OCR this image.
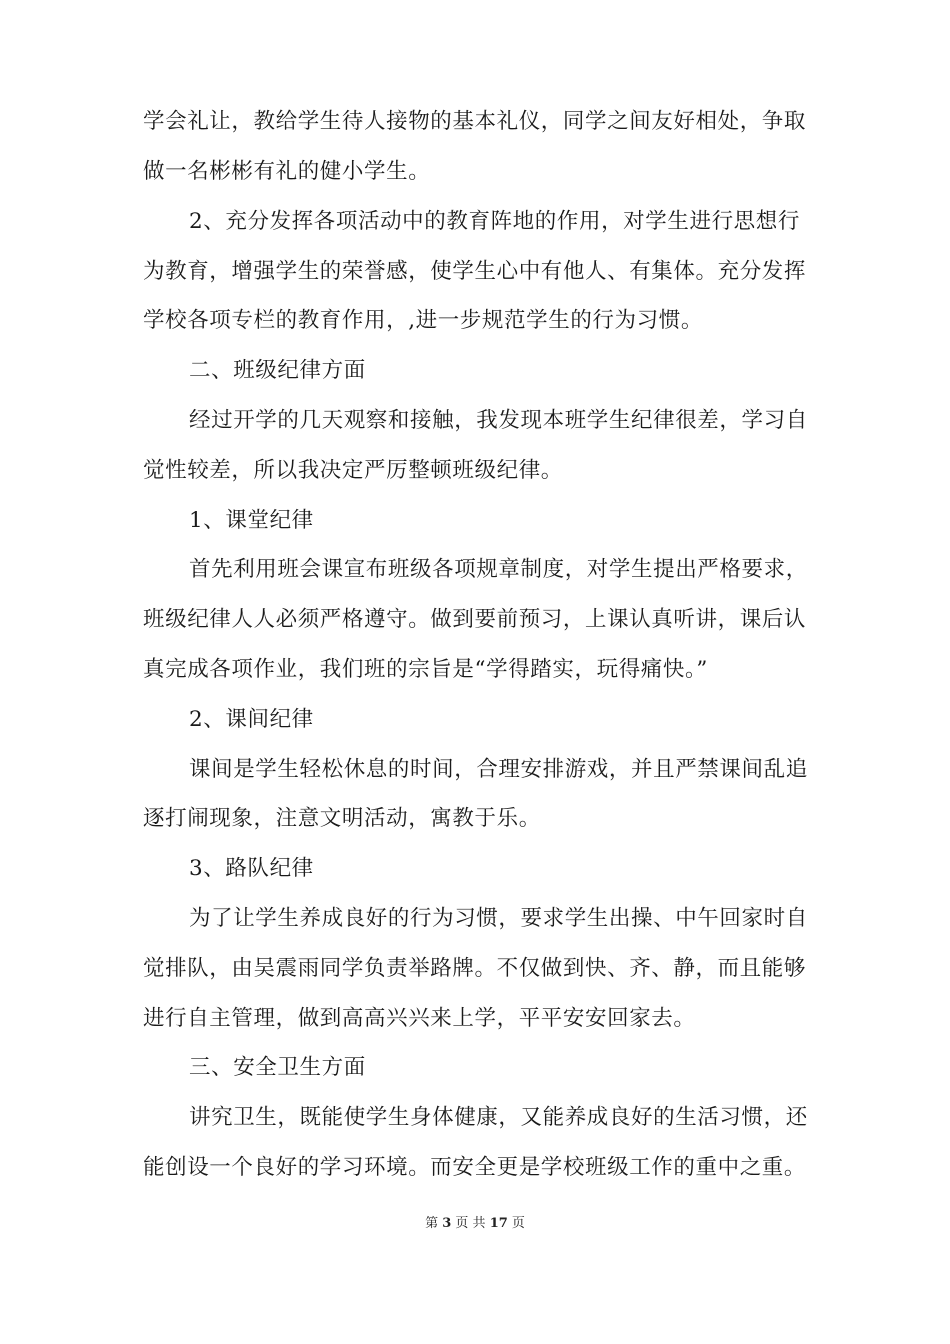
学会礼让，教给学生待人接物的基本礼仪，同学之间友好相处，争取
做一名彬彬有礼的健小学生。
2、充分发挥各项活动中的教育阵地的作用，对学生进行思想行
为教育，增强学生的荣誉感，使学生心中有他人、有集体。充分发挥
学校各项专栏的教育作用，,进一步规范学生的行为习惯。
二、班级纪律方面
经过开学的几天观察和接触，我发现本班学生纪律很差，学习自
觉性较差，所以我决定严厉整顿班级纪律。
1、课堂纪律
首先利用班会课宣布班级各项规章制度，对学生提出严格要求，
班级纪律人人必须严格遵守。做到要前预习，上课认真听讲，课后认
真完成各项作业，我们班的宗旨是“学得踏实，玩得痛快。”
2、课间纪律
课间是学生轻松休息的时间，合理安排游戏，并且严禁课间乱追
逐打闹现象，注意文明活动，寓教于乐。
3、路队纪律
为了让学生养成良好的行为习惯，要求学生出操、中午回家时自
觉排队，由吴震雨同学负责举路牌。不仅做到快、齐、静，而且能够
进行自主管理，做到高高兴兴来上学，平平安安回家去。
三、安全卫生方面
讲究卫生，既能使学生身体健康，又能养成良好的生活习惯，还
能创设一个良好的学习环境。而安全更是学校班级工作的重中之重。
第 3 页 共 17 页
